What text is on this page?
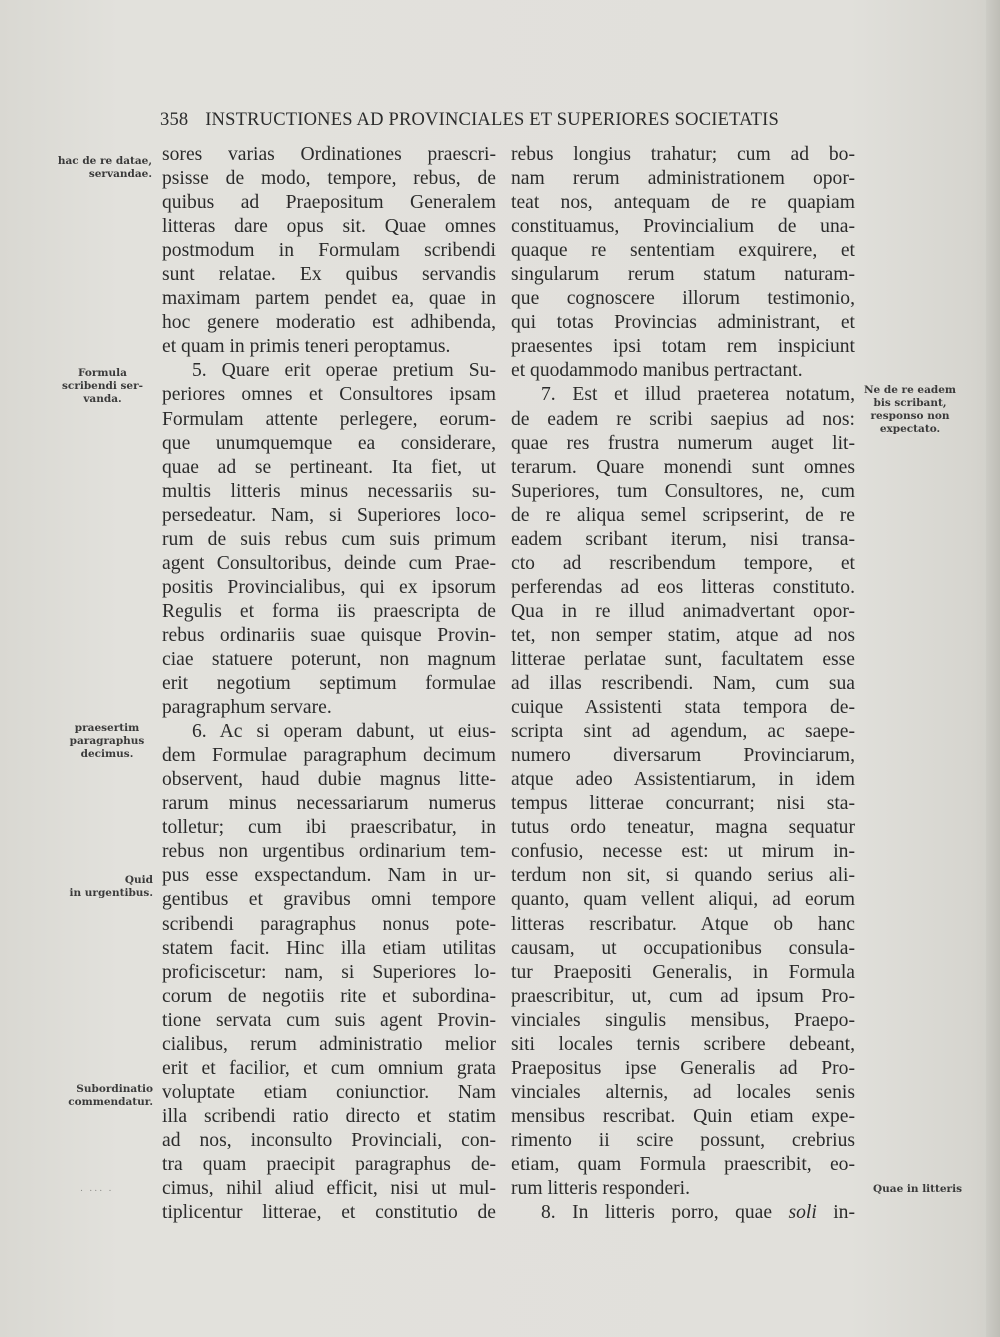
358 INSTRUCTIONES AD PROVINCIALES ET SUPERIORES SOCIETATIS
hac de re datae,
servandae.
Formula
scribendi ser-
vanda.
praesertim
paragraphus
decimus.
Quid
in urgentibus.
Subordinatio
commendatur.
․ ․․․ ․
Ne de re eadem
bis scribant,
responso non
expectato.
Quae in litteris
sores varias Ordinationes praescri-
psisse de modo, tempore, rebus, de
quibus ad Praepositum Generalem
litteras dare opus sit. Quae omnes
postmodum in Formulam scribendi
sunt relatae. Ex quibus servandis
maximam partem pendet ea, quae in
hoc genere moderatio est adhibenda,
et quam in primis teneri peroptamus.
5. Quare erit operae pretium Su-
periores omnes et Consultores ipsam
Formulam attente perlegere, eorum-
que unumquemque ea considerare,
quae ad se pertineant. Ita fiet, ut
multis litteris minus necessariis su-
persedeatur. Nam, si Superiores loco-
rum de suis rebus cum suis primum
agent Consultoribus, deinde cum Prae-
positis Provincialibus, qui ex ipsorum
Regulis et forma iis praescripta de
rebus ordinariis suae quisque Provin-
ciae statuere poterunt, non magnum
erit negotium septimum formulae
paragraphum servare.
6. Ac si operam dabunt, ut eius-
dem Formulae paragraphum decimum
observent, haud dubie magnus litte-
rarum minus necessariarum numerus
tolletur; cum ibi praescribatur, in
rebus non urgentibus ordinarium tem-
pus esse exspectandum. Nam in ur-
gentibus et gravibus omni tempore
scribendi paragraphus nonus pote-
statem facit. Hinc illa etiam utilitas
proficiscetur: nam, si Superiores lo-
corum de negotiis rite et subordina-
tione servata cum suis agent Provin-
cialibus, rerum administratio melior
erit et facilior, et cum omnium grata
voluptate etiam coniunctior. Nam
illa scribendi ratio directo et statim
ad nos, inconsulto Provinciali, con-
tra quam praecipit paragraphus de-
cimus, nihil aliud efficit, nisi ut mul-
tiplicentur litterae, et constitutio de
rebus longius trahatur; cum ad bo-
nam rerum administrationem opor-
teat nos, antequam de re quapiam
constituamus, Provincialium de una-
quaque re sententiam exquirere, et
singularum rerum statum naturam-
que cognoscere illorum testimonio,
qui totas Provincias administrant, et
praesentes ipsi totam rem inspiciunt
et quodammodo manibus pertractant.
7. Est et illud praeterea notatum,
de eadem re scribi saepius ad nos:
quae res frustra numerum auget lit-
terarum. Quare monendi sunt omnes
Superiores, tum Consultores, ne, cum
de re aliqua semel scripserint, de re
eadem scribant iterum, nisi transa-
cto ad rescribendum tempore, et
perferendas ad eos litteras constituto.
Qua in re illud animadvertant opor-
tet, non semper statim, atque ad nos
litterae perlatae sunt, facultatem esse
ad illas rescribendi. Nam, cum sua
cuique Assistenti stata tempora de-
scripta sint ad agendum, ac saepe-
numero diversarum Provinciarum,
atque adeo Assistentiarum, in idem
tempus litterae concurrant; nisi sta-
tutus ordo teneatur, magna sequatur
confusio, necesse est: ut mirum in-
terdum non sit, si quando serius ali-
quanto, quam vellent aliqui, ad eorum
litteras rescribatur. Atque ob hanc
causam, ut occupationibus consula-
tur Praepositi Generalis, in Formula
praescribitur, ut, cum ad ipsum Pro-
vinciales singulis mensibus, Praepo-
siti locales ternis scribere debeant,
Praepositus ipse Generalis ad Pro-
vinciales alternis, ad locales senis
mensibus rescribat. Quin etiam expe-
rimento ii scire possunt, crebrius
etiam, quam Formula praescribit, eo-
rum litteris responderi.
8. In litteris porro, quae soli in-
